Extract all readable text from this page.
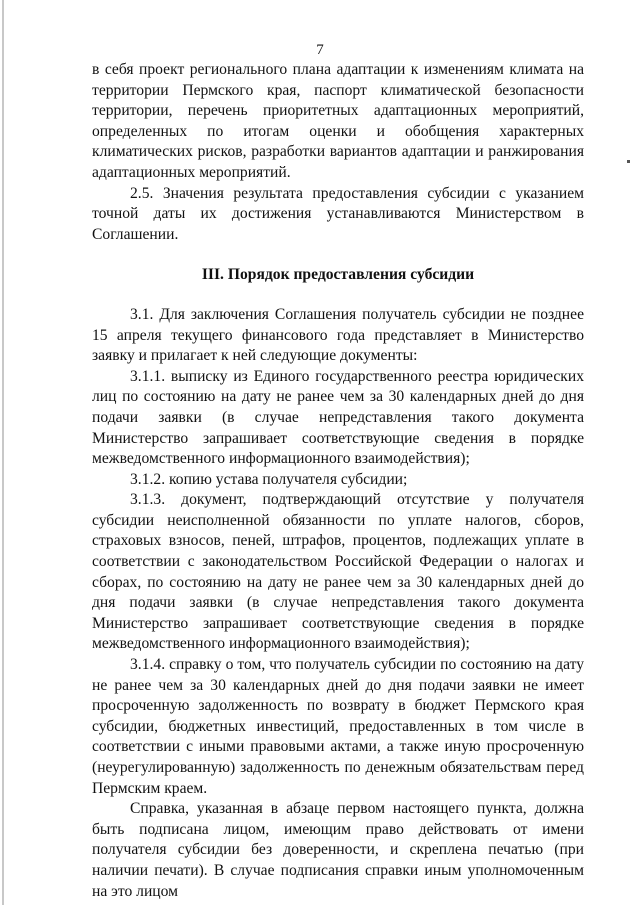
7

в себя проект регионального плана адаптации к изменениям климата на территории Пермского края, паспорт климатической безопасности территории, перечень приоритетных адаптационных мероприятий, определенных по итогам оценки и обобщения характерных климатических рисков, разработки вариантов адаптации и ранжирования адаптационных мероприятий.

2.5. Значения результата предоставления субсидии с указанием точной даты их достижения устанавливаются Министерством в Соглашении.

III. Порядок предоставления субсидии

3.1. Для заключения Соглашения получатель субсидии не позднее 15 апреля текущего финансового года представляет в Министерство заявку и прилагает к ней следующие документы:

3.1.1. выписку из Единого государственного реестра юридических лиц по состоянию на дату не ранее чем за 30 календарных дней до дня подачи заявки (в случае непредставления такого документа Министерство запрашивает соответствующие сведения в порядке межведомственного информационного взаимодействия);

3.1.2. копию устава получателя субсидии;

3.1.3. документ, подтверждающий отсутствие у получателя субсидии неисполненной обязанности по уплате налогов, сборов, страховых взносов, пеней, штрафов, процентов, подлежащих уплате в соответствии с законодательством Российской Федерации о налогах и сборах, по состоянию на дату не ранее чем за 30 календарных дней до дня подачи заявки (в случае непредставления такого документа Министерство запрашивает соответствующие сведения в порядке межведомственного информационного взаимодействия);

3.1.4. справку о том, что получатель субсидии по состоянию на дату не ранее чем за 30 календарных дней до дня подачи заявки не имеет просроченную задолженность по возврату в бюджет Пермского края субсидии, бюджетных инвестиций, предоставленных в том числе в соответствии с иными правовыми актами, а также иную просроченную (неурегулированную) задолженность по денежным обязательствам перед Пермским краем.

Справка, указанная в абзаце первом настоящего пункта, должна быть подписана лицом, имеющим право действовать от имени получателя субсидии без доверенности, и скреплена печатью (при наличии печати). В случае подписания справки иным уполномоченным на это лицом
